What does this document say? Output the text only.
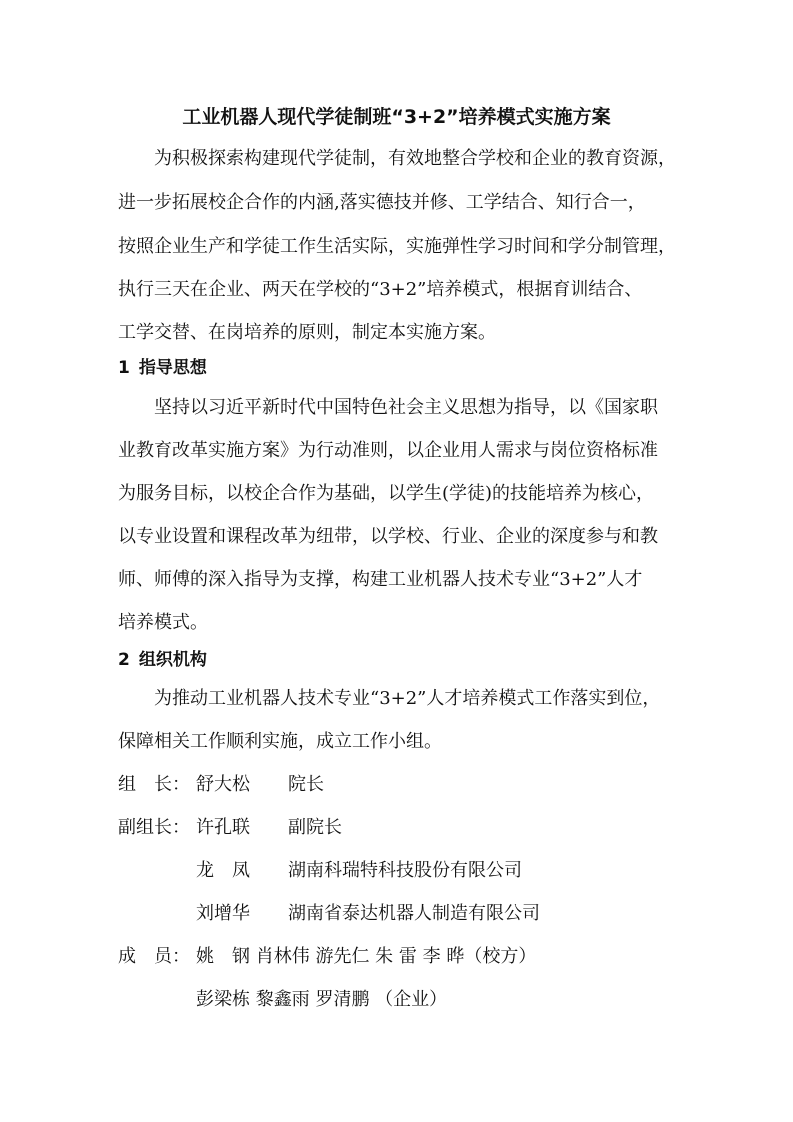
工业机器人现代学徒制班“3+2”培养模式实施方案
为积极探索构建现代学徒制，有效地整合学校和企业的教育资源，
进一步拓展校企合作的内涵,落实德技并修、工学结合、知行合一，
按照企业生产和学徒工作生活实际，实施弹性学习时间和学分制管理，
执行三天在企业、两天在学校的“3+2”培养模式，根据育训结合、
工学交替、在岗培养的原则，制定本实施方案。
1 指导思想
坚持以习近平新时代中国特色社会主义思想为指导，以《国家职
业教育改革实施方案》为行动准则，以企业用人需求与岗位资格标准
为服务目标，以校企合作为基础，以学生(学徒)的技能培养为核心，
以专业设置和课程改革为纽带，以学校、行业、企业的深度参与和教
师、师傅的深入指导为支撑，构建工业机器人技术专业“3+2”人才
培养模式。
2 组织机构
为推动工业机器人技术专业“3+2”人才培养模式工作落实到位，
保障相关工作顺利实施，成立工作小组。
组　长： 舒大松 院长
副组长： 许孔联 副院长
龙　凤 湖南科瑞特科技股份有限公司
刘增华 湖南省泰达机器人制造有限公司
成　员： 姚　钢 肖林伟 游先仁 朱 雷 李 晔（校方）
彭梁栋 黎鑫雨 罗清鹏 （企业）
